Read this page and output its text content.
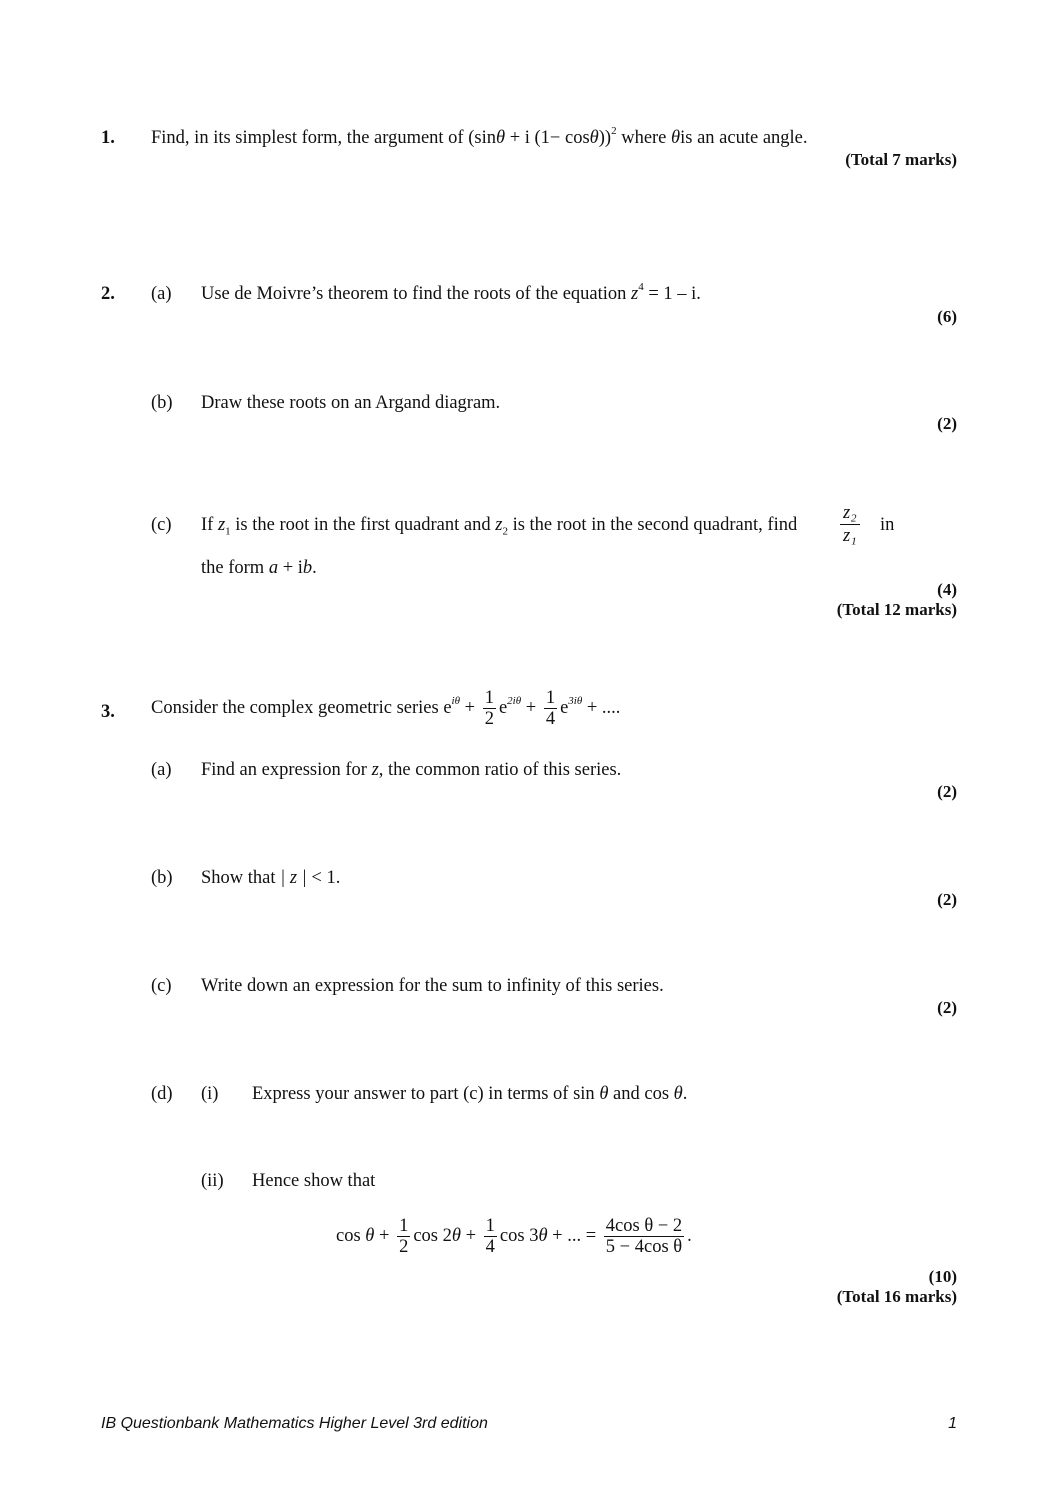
1. Find, in its simplest form, the argument of (sinθ + i (1− cosθ))$^2$ where θis an acute angle.
(Total 7 marks)
2. (a) Use de Moivre’s theorem to find the roots of the equation $z^4 = 1 - i$.
(6)
(b) Draw these roots on an Argand diagram.
(2)
(c) If $z_1$ is the root in the first quadrant and $z_2$ is the root in the second quadrant, find $\frac{\text{z₂}}{\text{z₁}}$ in
the form a + ib.
(4)
(Total 12 marks)
3. Consider the complex geometric series $e^{i\theta} + \frac{1}{2} e^{2i\theta} + \frac{1}{4} e^{3i\theta}$ + ....
(a) Find an expression for z, the common ratio of this series.
(2)
(b) Show that | z | < 1.
(2)
(c) Write down an expression for the sum to infinity of this series.
(2)
(d) (i) Express your answer to part (c) in terms of sin θ and cos θ.
(ii) Hence show that
$\cos \theta + \frac{1}{2}$ $\cos 2\theta + \frac{1}{4}$ cos 3θ + ... = $\frac{\text{4cos θ − 2}}{\text{5 − 4cos θ}}$ .
(10)
(Total 16 marks)
IB Questionbank Mathematics Higher Level 3rd edition	1
